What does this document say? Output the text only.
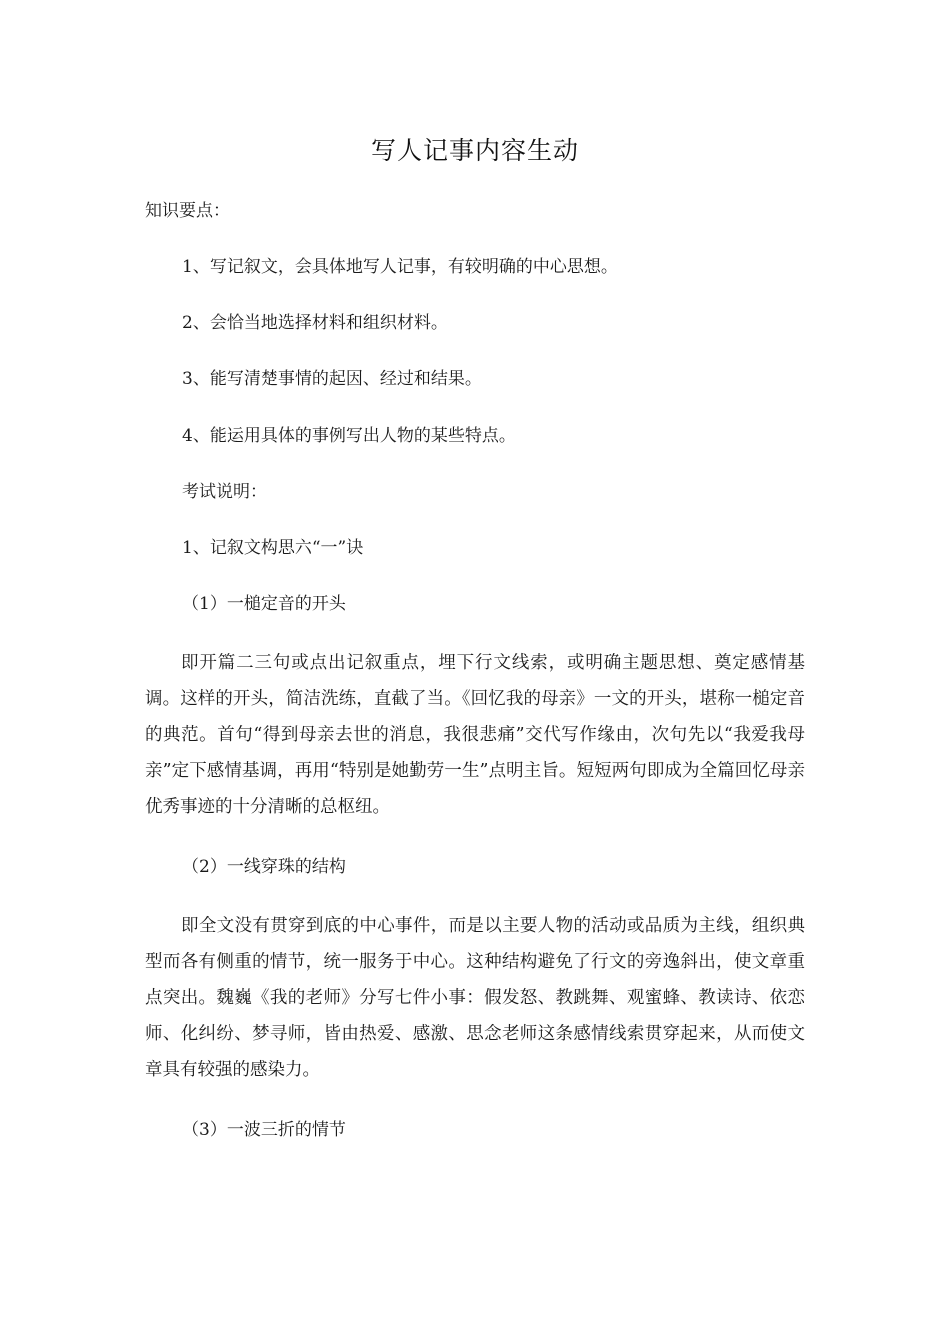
写人记事内容生动
知识要点：
1、写记叙文，会具体地写人记事，有较明确的中心思想。
2、会恰当地选择材料和组织材料。
3、能写清楚事情的起因、经过和结果。
4、能运用具体的事例写出人物的某些特点。
考试说明：
1、记叙文构思六“一”诀
（1）一槌定音的开头
即开篇二三句或点出记叙重点，埋下行文线索，或明确主题思想、奠定感情基调。这样的开头，简洁洗练，直截了当。《回忆我的母亲》一文的开头，堪称一槌定音的典范。首句“得到母亲去世的消息，我很悲痛”交代写作缘由，次句先以“我爱我母亲”定下感情基调，再用“特别是她勤劳一生”点明主旨。短短两句即成为全篇回忆母亲优秀事迹的十分清晰的总枢纽。
（2）一线穿珠的结构
即全文没有贯穿到底的中心事件，而是以主要人物的活动或品质为主线，组织典型而各有侧重的情节，统一服务于中心。这种结构避免了行文的旁逸斜出，使文章重点突出。魏巍《我的老师》分写七件小事：假发怒、教跳舞、观蜜蜂、教读诗、依恋师、化纠纷、梦寻师，皆由热爱、感激、思念老师这条感情线索贯穿起来，从而使文章具有较强的感染力。
（3）一波三折的情节
